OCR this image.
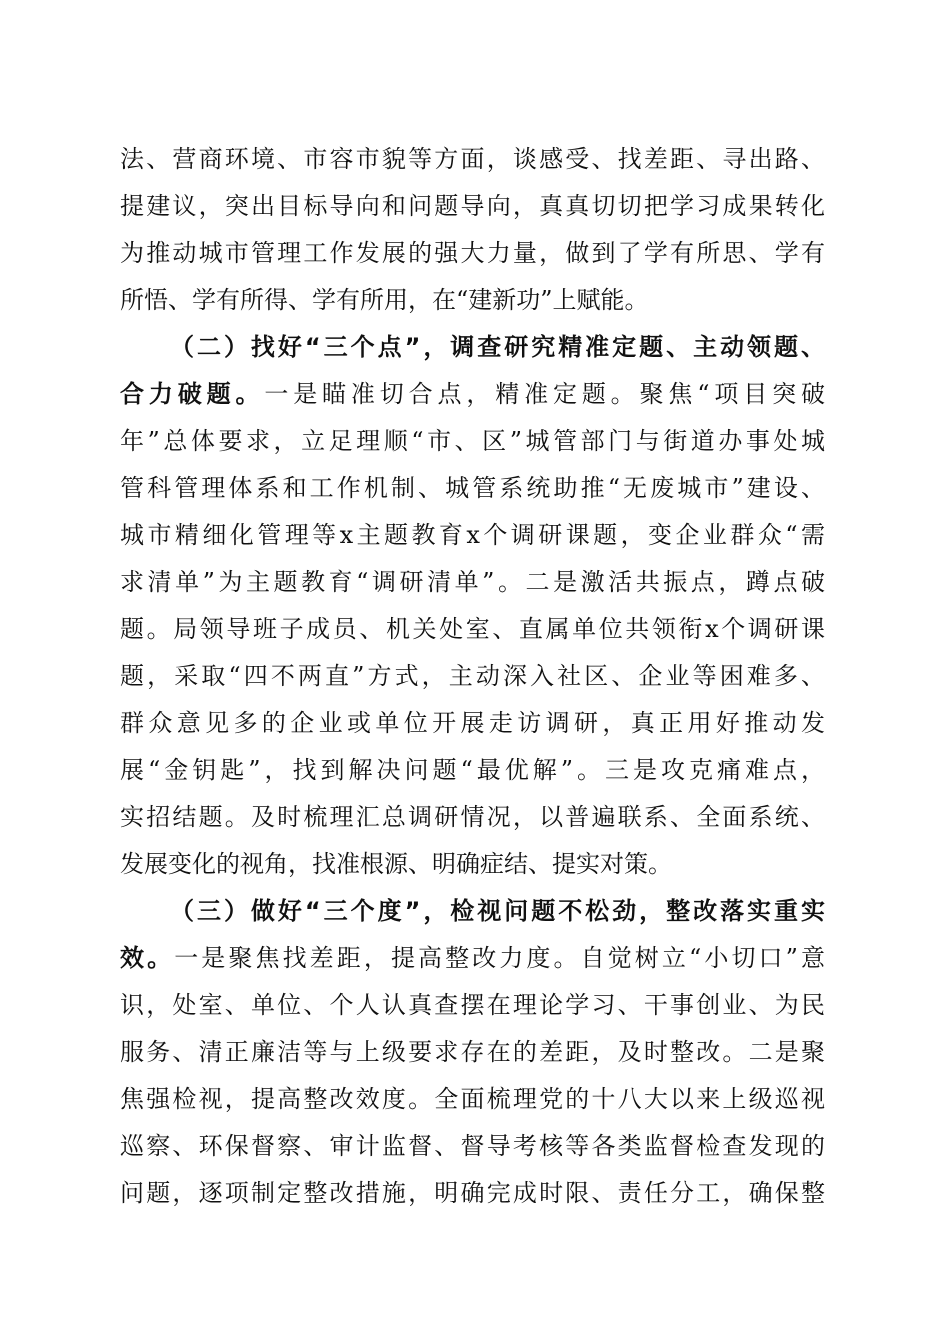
法、营商环境、市容市貌等方面，谈感受、找差距、寻出路、
提建议，突出目标导向和问题导向，真真切切把学习成果转化
为推动城市管理工作发展的强大力量，做到了学有所思、学有
所悟、学有所得、学有所用，在“建新功”上赋能。
（二）找好“三个点”，调查研究精准定题、主动领题、
合力破题。一是瞄准切合点，精准定题。聚焦“项目突破
年”总体要求，立足理顺“市、区”城管部门与街道办事处城
管科管理体系和工作机制、城管系统助推“无废城市”建设、
城市精细化管理等x主题教育x个调研课题，变企业群众“需
求清单”为主题教育“调研清单”。二是激活共振点，蹲点破
题。局领导班子成员、机关处室、直属单位共领衔x个调研课
题，采取“四不两直”方式，主动深入社区、企业等困难多、
群众意见多的企业或单位开展走访调研，真正用好推动发
展“金钥匙”，找到解决问题“最优解”。三是攻克痛难点，
实招结题。及时梳理汇总调研情况，以普遍联系、全面系统、
发展变化的视角，找准根源、明确症结、提实对策。
（三）做好“三个度”，检视问题不松劲，整改落实重实
效。一是聚焦找差距，提高整改力度。自觉树立“小切口”意
识，处室、单位、个人认真查摆在理论学习、干事创业、为民
服务、清正廉洁等与上级要求存在的差距，及时整改。二是聚
焦强检视，提高整改效度。全面梳理党的十八大以来上级巡视
巡察、环保督察、审计监督、督导考核等各类监督检查发现的
问题，逐项制定整改措施，明确完成时限、责任分工，确保整
